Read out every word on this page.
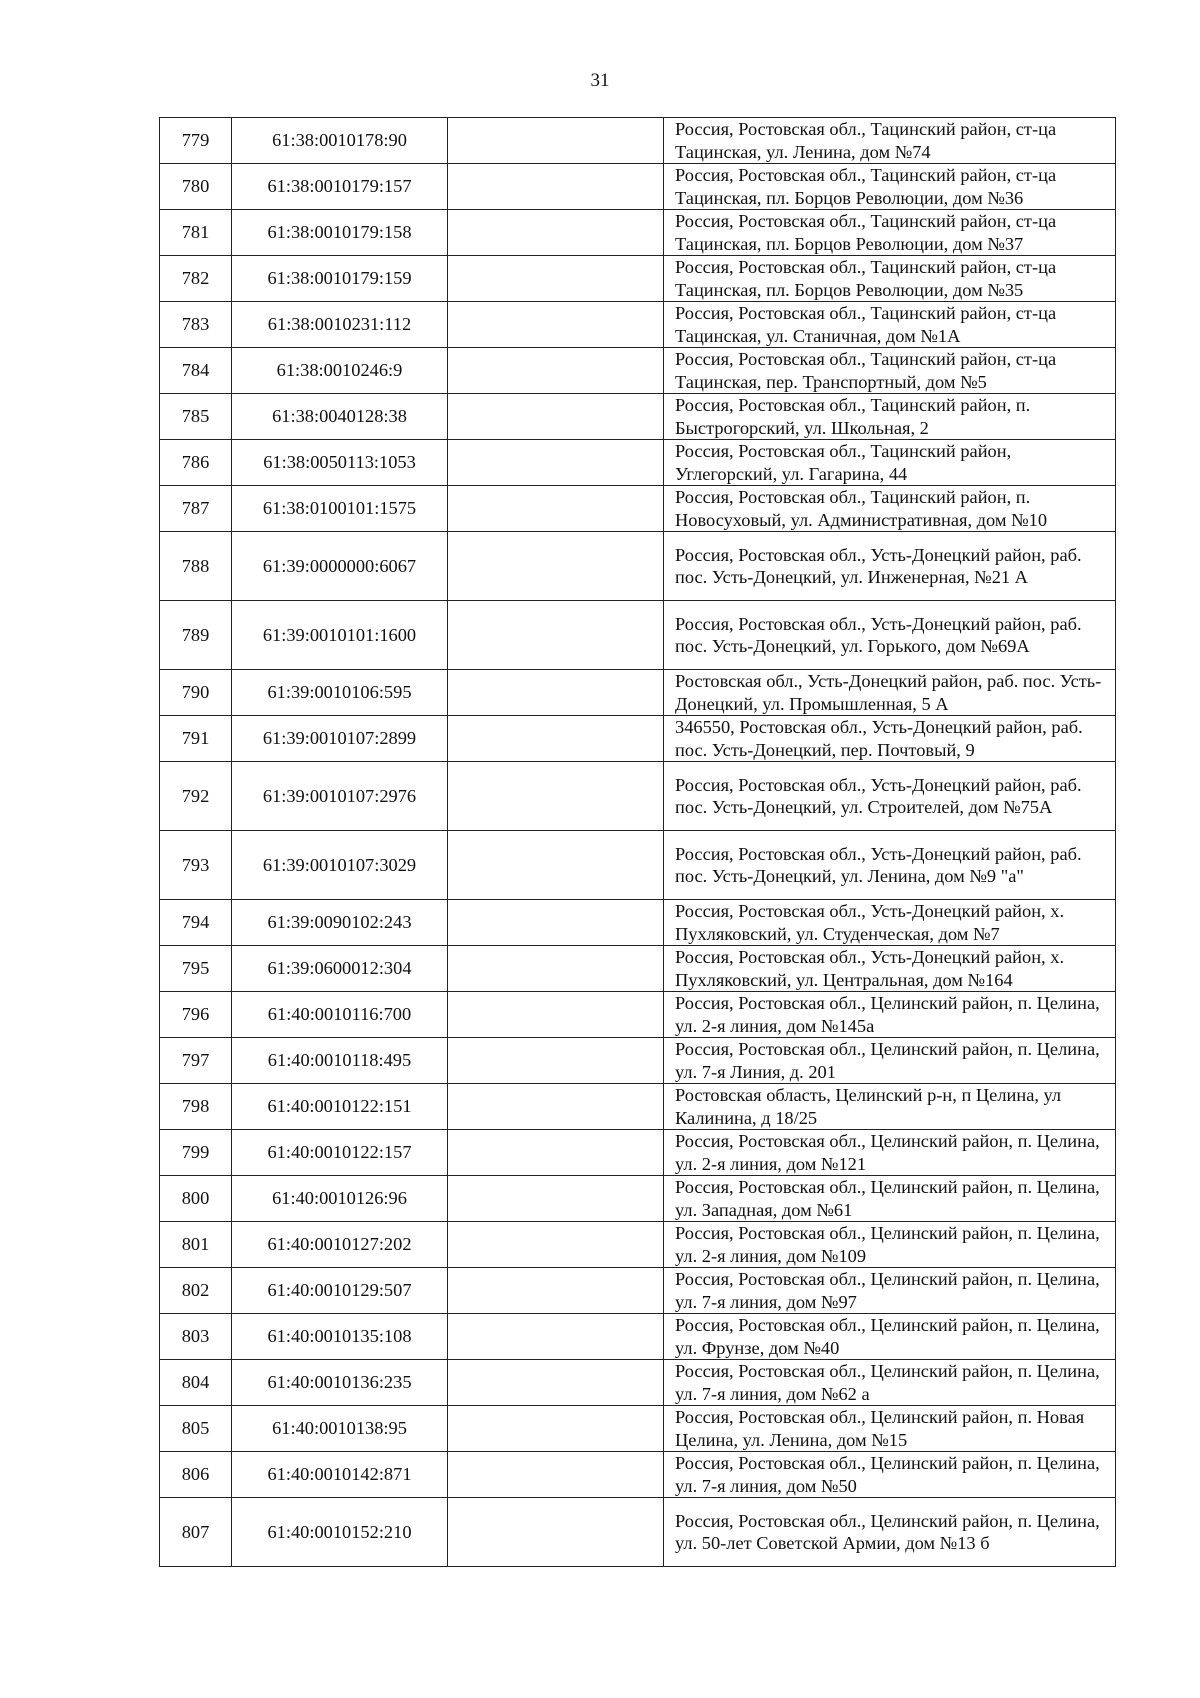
31
779	61:38:0010178:90		Россия, Ростовская обл., Тацинский район, ст-ца Тацинская, ул. Ленина, дом №74
780	61:38:0010179:157		Россия, Ростовская обл., Тацинский район, ст-ца Тацинская, пл. Борцов Революции, дом №36
781	61:38:0010179:158		Россия, Ростовская обл., Тацинский район, ст-ца Тацинская, пл. Борцов Революции, дом №37
782	61:38:0010179:159		Россия, Ростовская обл., Тацинский район, ст-ца Тацинская, пл. Борцов Революции, дом №35
783	61:38:0010231:112		Россия, Ростовская обл., Тацинский район, ст-ца Тацинская, ул. Станичная, дом №1А
784	61:38:0010246:9		Россия, Ростовская обл., Тацинский район, ст-ца Тацинская, пер. Транспортный, дом №5
785	61:38:0040128:38		Россия, Ростовская обл., Тацинский район, п. Быстрогорский, ул. Школьная, 2
786	61:38:0050113:1053		Россия, Ростовская обл., Тацинский район, Углегорский, ул. Гагарина, 44
787	61:38:0100101:1575		Россия, Ростовская обл., Тацинский район, п. Новосуховый, ул. Административная, дом №10
788	61:39:0000000:6067		Россия, Ростовская обл., Усть-Донецкий район, раб. пос. Усть-Донецкий, ул. Инженерная, №21 А
789	61:39:0010101:1600		Россия, Ростовская обл., Усть-Донецкий район, раб. пос. Усть-Донецкий, ул. Горького, дом №69А
790	61:39:0010106:595		Ростовская обл., Усть-Донецкий район, раб. пос. Усть-Донецкий, ул. Промышленная, 5 А
791	61:39:0010107:2899		346550, Ростовская обл., Усть-Донецкий район, раб. пос. Усть-Донецкий, пер. Почтовый, 9
792	61:39:0010107:2976		Россия, Ростовская обл., Усть-Донецкий район, раб. пос. Усть-Донецкий, ул. Строителей, дом №75А
793	61:39:0010107:3029		Россия, Ростовская обл., Усть-Донецкий район, раб. пос. Усть-Донецкий, ул. Ленина, дом №9 "а"
794	61:39:0090102:243		Россия, Ростовская обл., Усть-Донецкий район, х. Пухляковский, ул. Студенческая, дом №7
795	61:39:0600012:304		Россия, Ростовская обл., Усть-Донецкий район, х. Пухляковский, ул. Центральная, дом №164
796	61:40:0010116:700		Россия, Ростовская обл., Целинский район, п. Целина, ул. 2-я линия, дом №145а
797	61:40:0010118:495		Россия, Ростовская обл., Целинский район, п. Целина, ул. 7-я Линия, д. 201
798	61:40:0010122:151		Ростовская область, Целинский р-н, п Целина, ул Калинина, д 18/25
799	61:40:0010122:157		Россия, Ростовская обл., Целинский район, п. Целина, ул. 2-я линия, дом №121
800	61:40:0010126:96		Россия, Ростовская обл., Целинский район, п. Целина, ул. Западная, дом №61
801	61:40:0010127:202		Россия, Ростовская обл., Целинский район, п. Целина, ул. 2-я линия, дом №109
802	61:40:0010129:507		Россия, Ростовская обл., Целинский район, п. Целина, ул. 7-я линия, дом №97
803	61:40:0010135:108		Россия, Ростовская обл., Целинский район, п. Целина, ул. Фрунзе, дом №40
804	61:40:0010136:235		Россия, Ростовская обл., Целинский район, п. Целина, ул. 7-я линия, дом №62 а
805	61:40:0010138:95		Россия, Ростовская обл., Целинский район, п. Новая Целина, ул. Ленина, дом №15
806	61:40:0010142:871		Россия, Ростовская обл., Целинский район, п. Целина, ул. 7-я линия, дом №50
807	61:40:0010152:210		Россия, Ростовская обл., Целинский район, п. Целина, ул. 50-лет Советской Армии, дом №13 б
